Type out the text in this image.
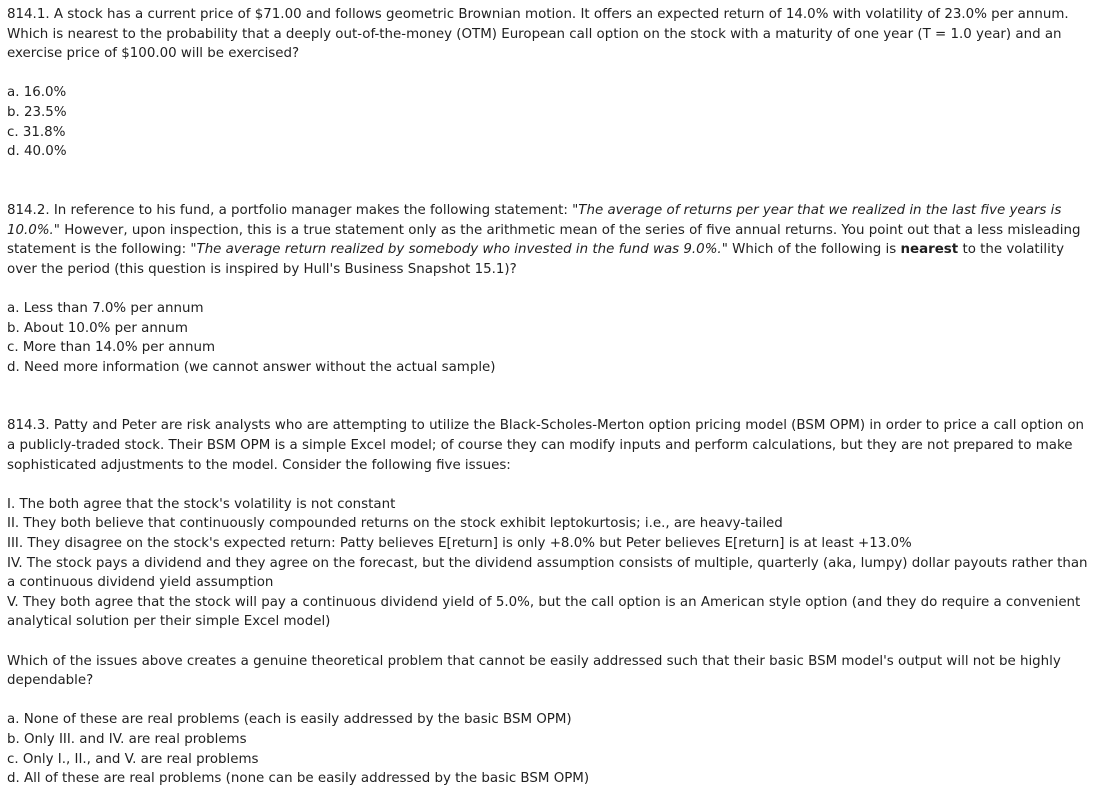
814.1. A stock has a current price of $71.00 and follows geometric Brownian motion. It offers an expected return of 14.0% with volatility of 23.0% per annum. Which is nearest to the probability that a deeply out-of-the-money (OTM) European call option on the stock with a maturity of one year (T = 1.0 year) and an exercise price of $100.00 will be exercised?

a. 16.0%

b. 23.5%

c. 31.8%

d. 40.0%

814.2. In reference to his fund, a portfolio manager makes the following statement: "The average of returns per year that we realized in the last five years is 10.0%." However, upon inspection, this is a true statement only as the arithmetic mean of the series of five annual returns. You point out that a less misleading statement is the following: "The average return realized by somebody who invested in the fund was 9.0%." Which of the following is nearest to the volatility over the period (this question is inspired by Hull's Business Snapshot 15.1)?

a. Less than 7.0% per annum

b. About 10.0% per annum

c. More than 14.0% per annum

d. Need more information (we cannot answer without the actual sample)

814.3. Patty and Peter are risk analysts who are attempting to utilize the Black-Scholes-Merton option pricing model (BSM OPM) in order to price a call option on a publicly-traded stock. Their BSM OPM is a simple Excel model; of course they can modify inputs and perform calculations, but they are not prepared to make sophisticated adjustments to the model. Consider the following five issues:

I. The both agree that the stock's volatility is not constant

II. They both believe that continuously compounded returns on the stock exhibit leptokurtosis; i.e., are heavy-tailed

III. They disagree on the stock's expected return: Patty believes E[return] is only +8.0% but Peter believes E[return] is at least +13.0%

IV. The stock pays a dividend and they agree on the forecast, but the dividend assumption consists of multiple, quarterly (aka, lumpy) dollar payouts rather than a continuous dividend yield assumption

V. They both agree that the stock will pay a continuous dividend yield of 5.0%, but the call option is an American style option (and they do require a convenient analytical solution per their simple Excel model)

Which of the issues above creates a genuine theoretical problem that cannot be easily addressed such that their basic BSM model's output will not be highly dependable?

a. None of these are real problems (each is easily addressed by the basic BSM OPM)

b. Only III. and IV. are real problems

c. Only I., II., and V. are real problems

d. All of these are real problems (none can be easily addressed by the basic BSM OPM)
